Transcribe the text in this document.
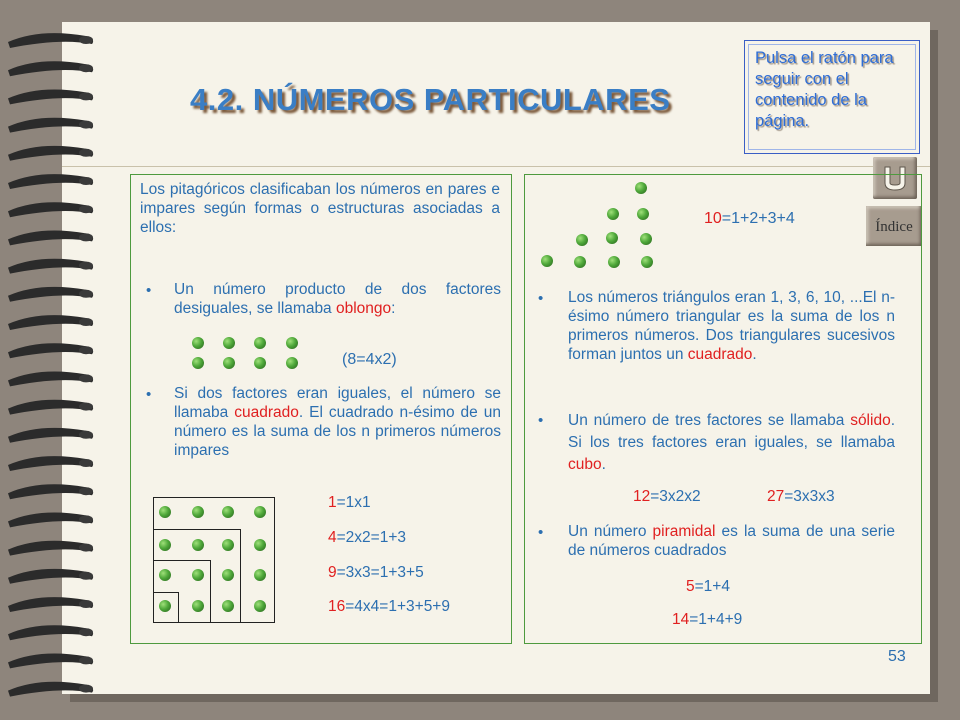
4.2. NÚMEROS PARTICULARES
Pulsa el ratón para seguir con el contenido de la página.
Índice
Los pitagóricos clasificaban los números en pares e impares según formas o estructuras asociadas a ellos:
• Un número producto de dos factores desiguales, se llamaba oblongo:
(8=4x2)
• Si dos factores eran iguales, el número se llamaba cuadrado. El cuadrado n-ésimo de un número es la suma de los n primeros números impares
1=1x1
4=2x2=1+3
9=3x3=1+3+5
16=4x4=1+3+5+9
10=1+2+3+4
• Los números triángulos eran 1, 3, 6, 10, ...El n-ésimo número triangular es la suma de los n primeros números. Dos triangulares sucesivos forman juntos un cuadrado.
• Un número de tres factores se llamaba sólido. Si los tres factores eran iguales, se llamaba cubo.
12=3x2x2	27=3x3x3
• Un número piramidal es la suma de una serie de números cuadrados
5=1+4
14=1+4+9
53
